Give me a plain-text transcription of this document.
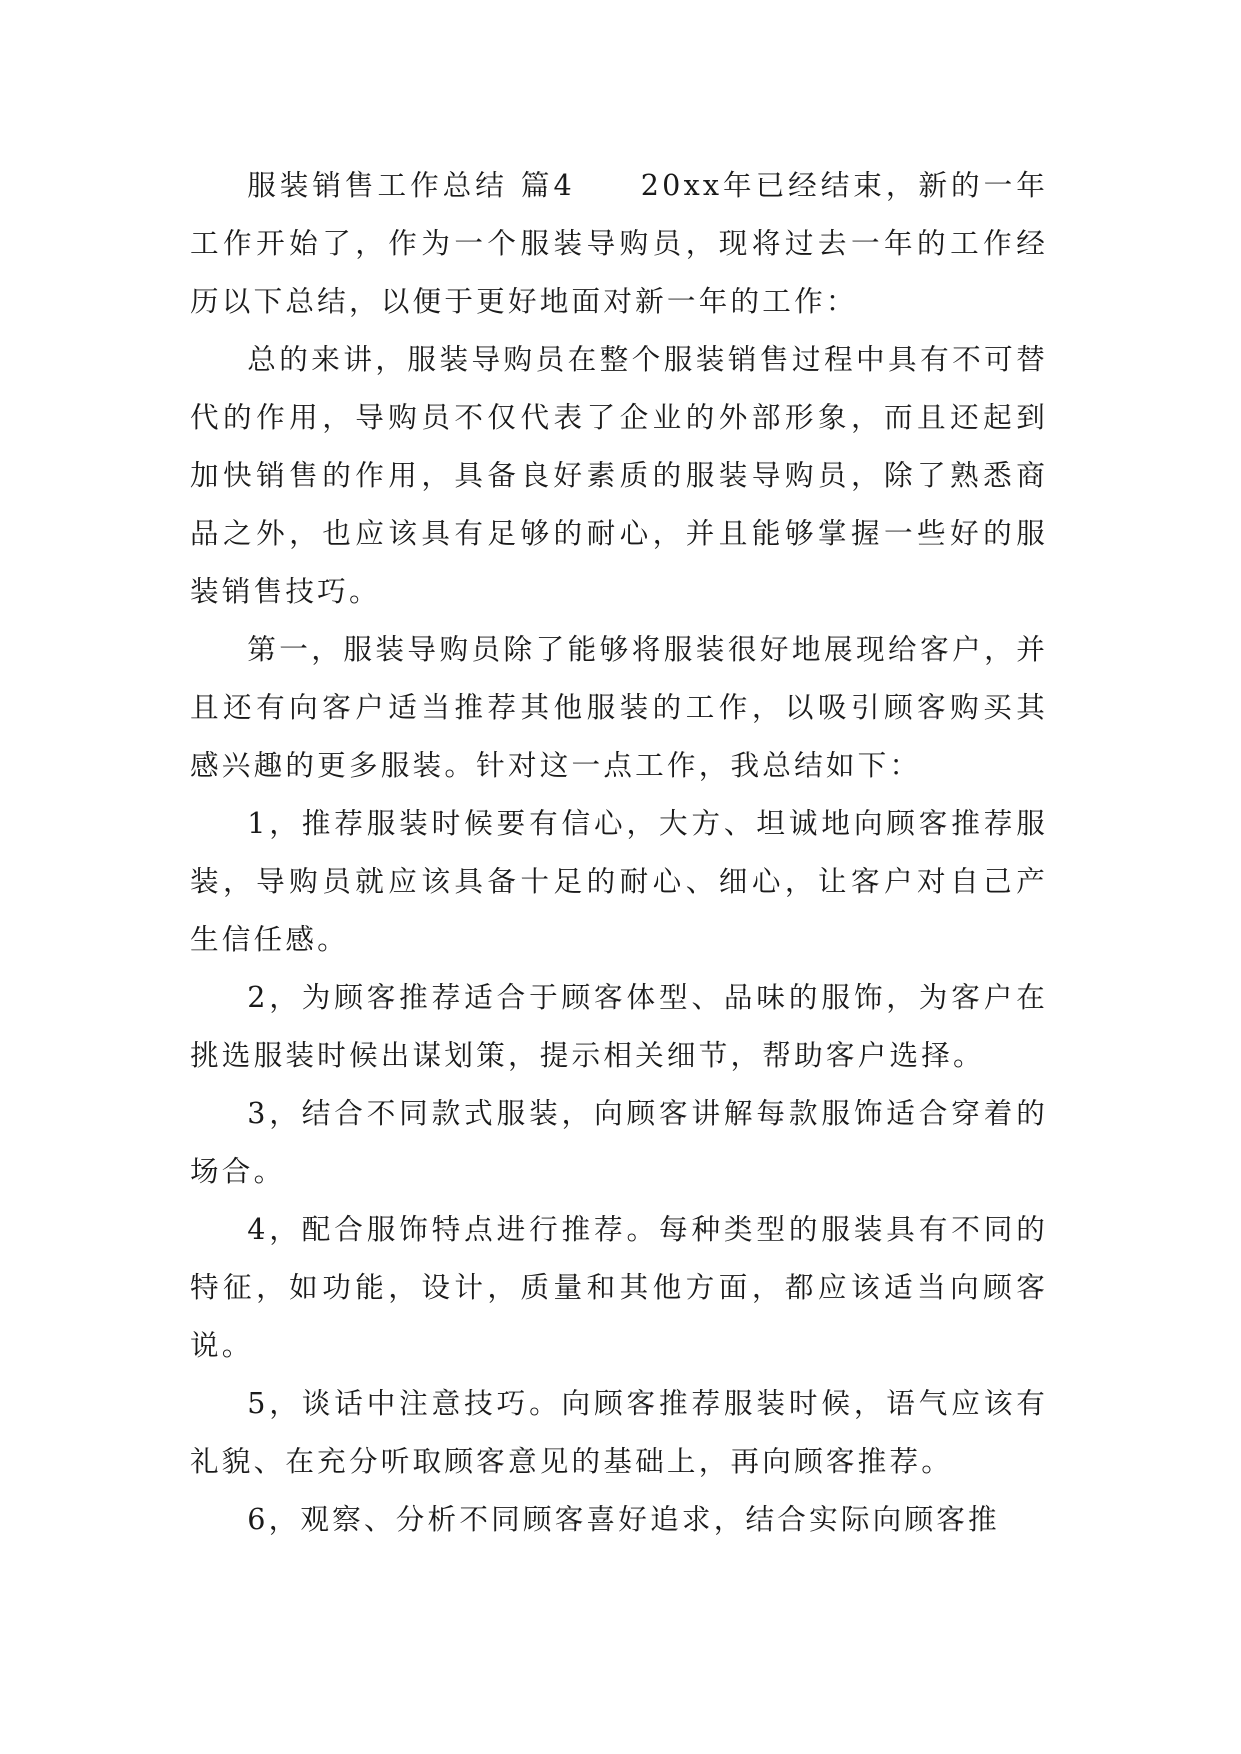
服装销售工作总结 篇4　　20xx年已经结束，新的一年工作开始了，作为一个服装导购员，现将过去一年的工作经历以下总结，以便于更好地面对新一年的工作：

总的来讲，服装导购员在整个服装销售过程中具有不可替代的作用，导购员不仅代表了企业的外部形象，而且还起到加快销售的作用，具备良好素质的服装导购员，除了熟悉商品之外，也应该具有足够的耐心，并且能够掌握一些好的服装销售技巧。

第一，服装导购员除了能够将服装很好地展现给客户，并且还有向客户适当推荐其他服装的工作，以吸引顾客购买其感兴趣的更多服装。针对这一点工作，我总结如下：

1，推荐服装时候要有信心，大方、坦诚地向顾客推荐服装，导购员就应该具备十足的耐心、细心，让客户对自己产生信任感。

2，为顾客推荐适合于顾客体型、品味的服饰，为客户在挑选服装时候出谋划策，提示相关细节，帮助客户选择。

3，结合不同款式服装，向顾客讲解每款服饰适合穿着的场合。

4，配合服饰特点进行推荐。每种类型的服装具有不同的特征，如功能，设计，质量和其他方面，都应该适当向顾客说。

5，谈话中注意技巧。向顾客推荐服装时候，语气应该有礼貌、在充分听取顾客意见的基础上，再向顾客推荐。

6，观察、分析不同顾客喜好追求，结合实际向顾客推
